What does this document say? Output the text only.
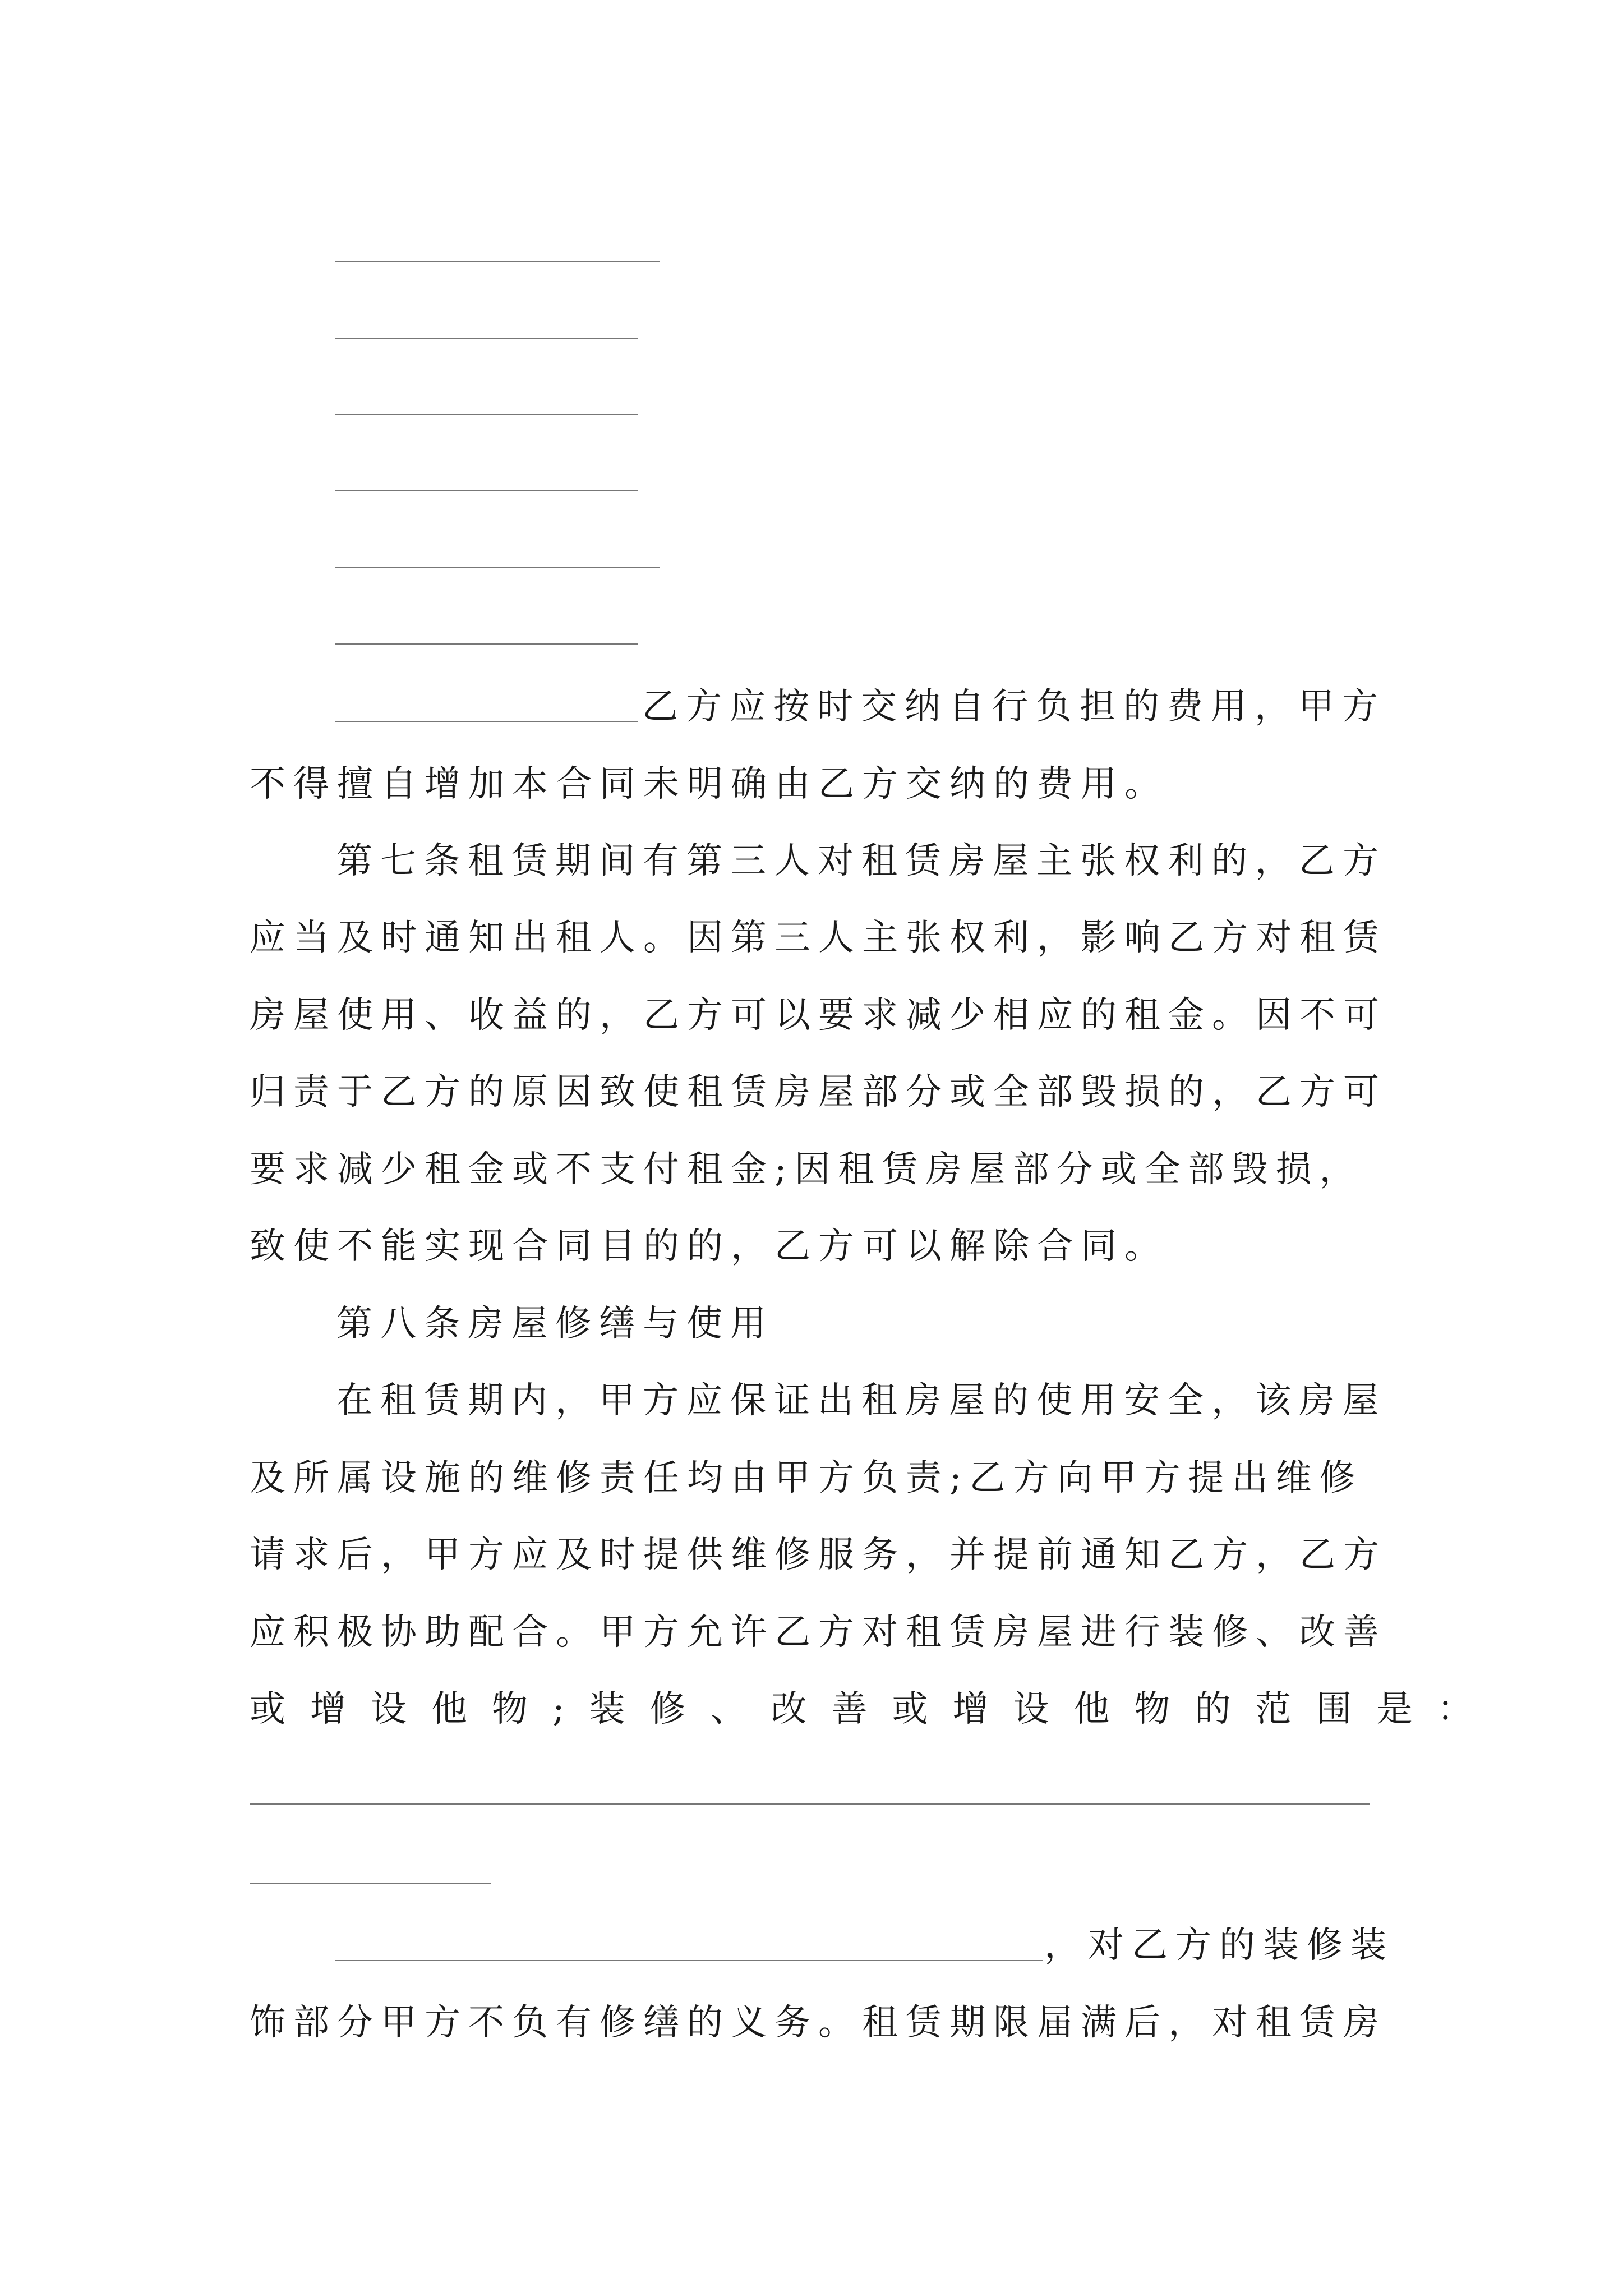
乙方应按时交纳自行负担的费用，甲方
不得擅自增加本合同未明确由乙方交纳的费用。
第七条租赁期间有第三人对租赁房屋主张权利的，乙方
应当及时通知出租人。因第三人主张权利，影响乙方对租赁
房屋使用、收益的，乙方可以要求减少相应的租金。因不可
归责于乙方的原因致使租赁房屋部分或全部毁损的，乙方可
要求减少租金或不支付租金;因租赁房屋部分或全部毁损，
致使不能实现合同目的的，乙方可以解除合同。
第八条房屋修缮与使用
在租赁期内，甲方应保证出租房屋的使用安全，该房屋
及所属设施的维修责任均由甲方负责;乙方向甲方提出维修
请求后，甲方应及时提供维修服务，并提前通知乙方，乙方
应积极协助配合。甲方允许乙方对租赁房屋进行装修、改善
或增设他物;装修、改善或增设他物的范围是：
，对乙方的装修装
饰部分甲方不负有修缮的义务。租赁期限届满后，对租赁房
